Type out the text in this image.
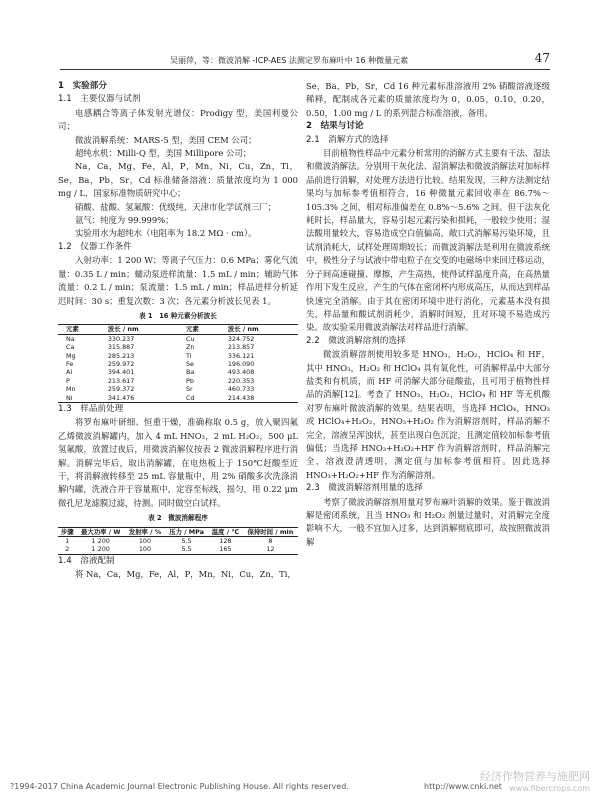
吴丽萍，等：微波消解 -ICP-AES 法测定罗布麻叶中 16 种微量元素	47

1　实验部分

1.1　主要仪器与试剂

电感耦合等离子体发射光谱仪：Prodigy 型，美国利曼公司；

微波消解系统：MARS-5 型，美国 CEM 公司；

超纯水机：Milli-Q 型，美国 Millipore 公司；

Na，Ca，Mg，Fe，Al，P，Mn，Ni，Cu，Zn，Ti，Se，Ba，Pb，Sr，Cd 标准储备溶液：质量浓度均为 1 000 mg / L，国家标准物质研究中心；

硝酸、盐酸、氢氟酸：优级纯，天津市化学试剂三厂；

氩气：纯度为 99.999%；

实验用水为超纯水（电阻率为 18.2 MΩ · cm）。

1.2　仪器工作条件

入射功率：1 200 W；等离子气压力：0.6 MPa；雾化气流量：0.35 L / min；蠕动泵进样流量：1.5 mL / min；辅助气体流量：0.2 L / min；泵流量：1.5 mL / min；样品进样分析延迟时间：30 s；重复次数：3 次；各元素分析波长见表 1。

表 1　16 种元素分析波长
元素	波长 / nm	元素	波长 / nm
Na	330.237	Cu	324.752
Ca	315.887	Zn	213.857
Mg	285.213	Ti	336.121
Fe	259.972	Se	196.090
Al	394.401	Ba	493.408
P	213.617	Pb	220.353
Mn	259.372	Sr	460.733
Ni	341.476	Cd	214.438

1.3　样品前处理

将罗布麻叶研细、恒重干燥，准确称取 0.5 g，放入聚四氟乙烯微波消解罐内，加入 4 mL HNO₃，2 mL H₂O₂，500 μL 氢氟酸，放置过夜后，用微波消解仪按表 2 微波消解程序进行消解。消解完毕后，取出消解罐，在电热板上于 150℃赶酸至近干，将消解液转移至 25 mL 容量瓶中，用 2% 硝酸多次洗涤消解内罐，洗液合并于容量瓶中，定容至标线，摇匀，用 0.22 μm 微孔尼龙滤膜过滤，待测。同时做空白试样。

表 2　微波消解程序
步骤	最大功率 / W	发射率 / %	压力 / MPa	温度 / ℃	保持时间 / min
1	1 200	100	5.5	128	8
2	1 200	100	5.5	165	12

1.4　溶液配制

将 Na，Ca，Mg，Fe，Al，P，Mn，Ni，Cu，Zn，Ti，

Se，Ba，Pb，Sr，Cd 16 种元素标准溶液用 2% 硝酸溶液逐级稀释，配制成各元素的质量浓度均为 0，0.05，0.10，0.20，0.50，1.00 mg / L 的系列混合标准溶液，备用。

2　结果与讨论

2.1　消解方式的选择

目前植物性样品中元素分析常用的消解方式主要有干法、湿法和微波消解法。分别用干灰化法、湿消解法和微波消解法对加标样品前进行消解，对处理方法进行比较。结果发现，三种方法测定结果均与加标参考值相符合，16 种微量元素回收率在 86.7%～105.3% 之间，相对标准偏差在 0.8%～5.6% 之间。但干法灰化耗时长，样品量大，容易引起元素污染和损耗，一般较少使用；湿法酸用量较大，容易造成空白值偏高，敞口式消解易污染环境，且试剂消耗大，试样处理周期较长；而微波消解法是利用在微波系统中，极性分子与试液中带电粒子在交变的电磁场中来回迁移运动，分子间高速碰撞、摩擦，产生高热，使得试样温度升高，在高热量作用下发生反应，产生的气体在密闭杯内形成高压，从而达到样品快速完全消解。由于其在密闭环境中进行消化，元素基本没有损失，样品量和酸试剂消耗少，消解时间短，且对环境不易造成污染。故实验采用微波消解法对样品进行消解。

2.2　微波消解溶剂的选择

微波消解溶剂使用较多是 HNO₃，H₂O₂，HClO₄ 和 HF，其中 HNO₃，H₂O₂ 和 HClO₄ 具有氧化性，可消解样品中大部分盐类和有机质，而 HF 可消解大部分硅酸盐，且可用于植物性样品的消解[12]。考查了 HNO₃，H₂O₂，HClO₄ 和 HF 等无机酸对罗布麻叶微波消解的效果。结果表明，当选择 HClO₄，HNO₃ 或 HClO₄+H₂O₂，HNO₃+H₂O₂ 作为消解溶剂时，样品消解不完全，溶液呈浑浊状，甚至出现白色沉淀，且测定值较加标参考值偏低；当选择 HNO₃+H₂O₂+HF 作为消解溶剂时，样品消解完全，溶液澄清透明，测定值与加标参考值相符。因此选择 HNO₃+H₂O₂+HF 作为消解溶剂。

2.3　微波消解溶剂用量的选择

考察了微波消解溶剂用量对罗布麻叶消解的效果。鉴于微波消解是密闭系统，且当 HNO₃ 和 H₂O₂ 剂量过量时，对消解完全度影响不大，一般不宜加入过多，达到消解彻底即可，故按照微波消解

?1994-2017 China Academic Journal Electronic Publishing House. All rights reserved.	http://www.cnki.net
经济作物营养与施肥网
www.fibercrops.com
